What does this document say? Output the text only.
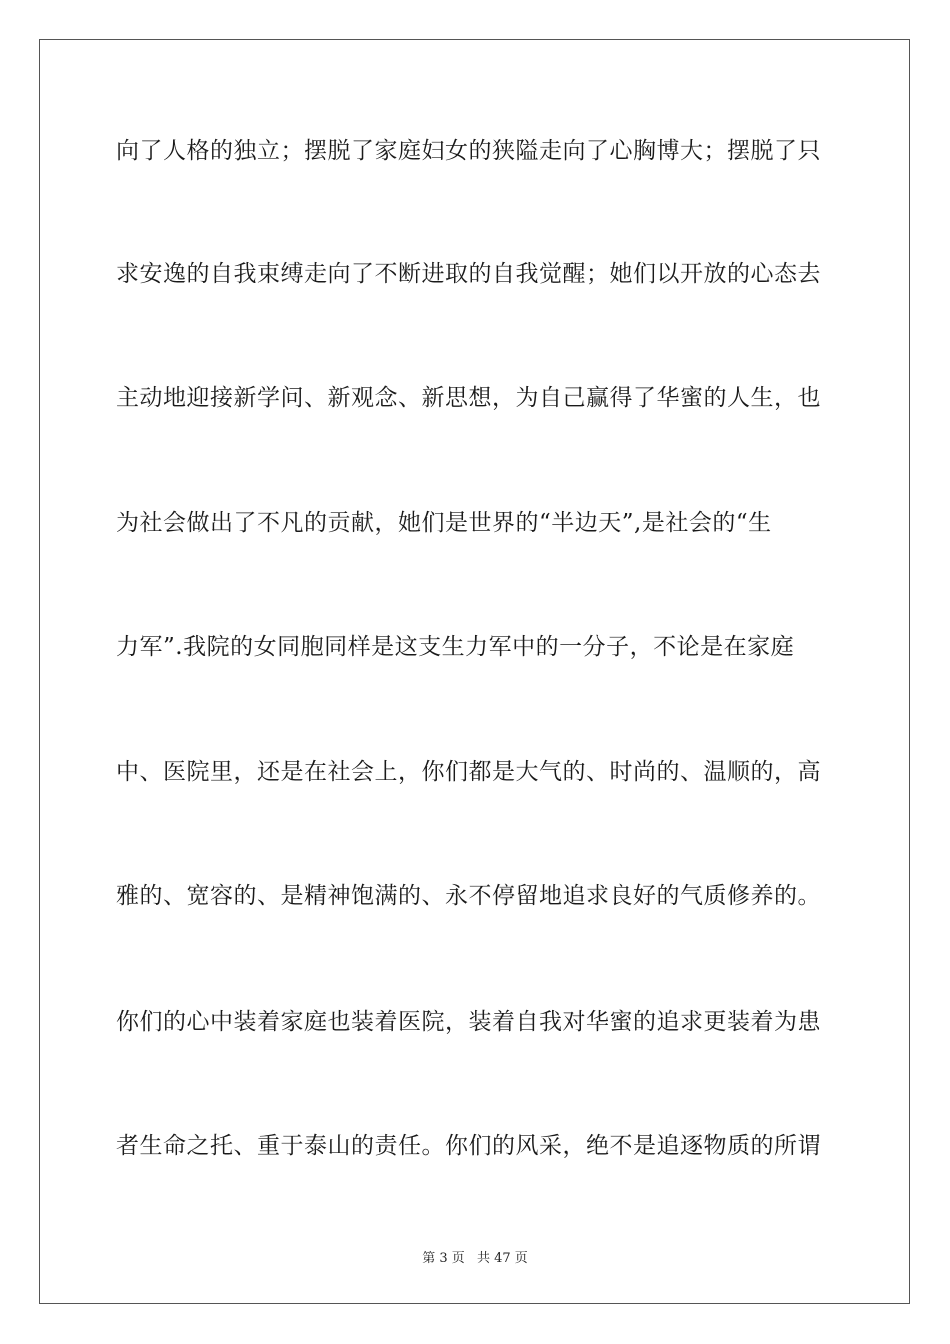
向了人格的独立；摆脱了家庭妇女的狭隘走向了心胸博大；摆脱了只
求安逸的自我束缚走向了不断进取的自我觉醒；她们以开放的心态去
主动地迎接新学问、新观念、新思想，为自己赢得了华蜜的人生，也
为社会做出了不凡的贡献，她们是世界的“半边天”,是社会的“生
力军”.我院的女同胞同样是这支生力军中的一分子，不论是在家庭
中、医院里，还是在社会上，你们都是大气的、时尚的、温顺的，高
雅的、宽容的、是精神饱满的、永不停留地追求良好的气质修养的。
你们的心中装着家庭也装着医院，装着自我对华蜜的追求更装着为患
者生命之托、重于泰山的责任。你们的风采，绝不是追逐物质的所谓
第 3 页 共 47 页
